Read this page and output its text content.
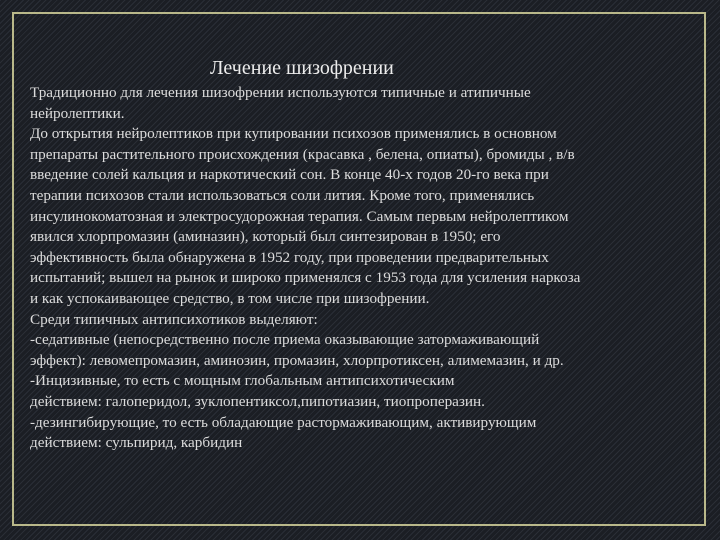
Лечение шизофрении
Традиционно для лечения шизофрении используются типичные и атипичные
нейролептики.
До открытия нейролептиков при купировании психозов применялись в основном
препараты растительного происхождения (красавка , белена, опиаты), бромиды , в/в
введение солей кальция и наркотический сон. В конце 40-х годов 20-го века при
терапии психозов стали использоваться соли лития. Кроме того, применялись
инсулинокоматозная и электросудорожная терапия. Самым первым нейролептиком
явился хлорпромазин (аминазин), который был синтезирован в 1950; его
эффективность была обнаружена в 1952 году, при проведении предварительных
испытаний; вышел на рынок и широко применялся с 1953 года для усиления наркоза
и как успокаивающее средство, в том числе при шизофрении.
Среди типичных антипсихотиков выделяют:
-седативные (непосредственно после приема оказывающие затормаживающий
эффект): левомепромазин, аминозин, промазин, хлорпротиксен, алимемазин, и др.
-Инцизивные, то есть с мощным глобальным антипсихотическим
действием: галоперидол, зуклопентиксол,пипотиазин, тиопроперазин.
-дезингибирующие, то есть обладающие растормаживающим, активирующим
действием: сульпирид, карбидин
